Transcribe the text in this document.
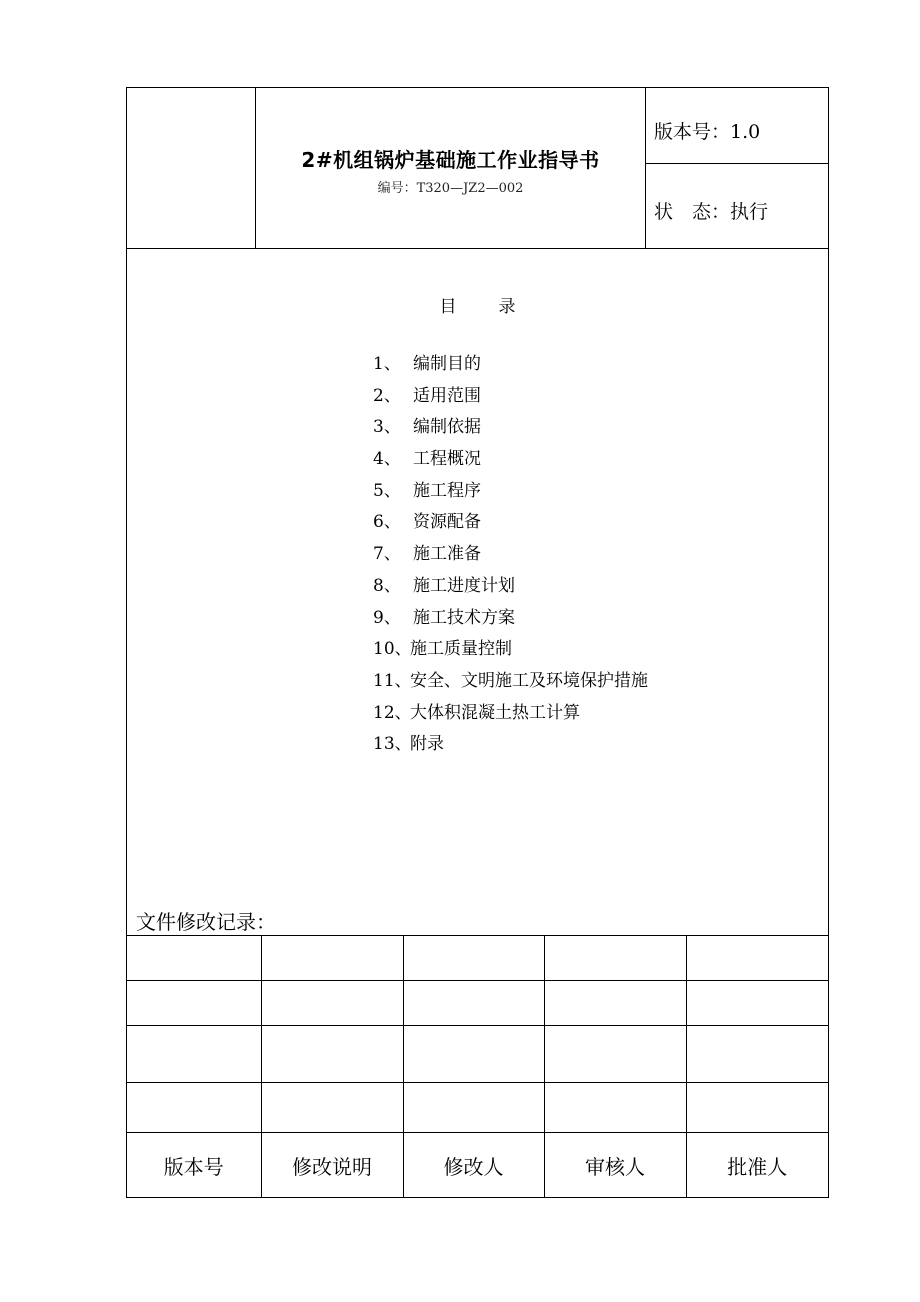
2#机组锅炉基础施工作业指导书
编号：T320—JZ2—002
版本号：1.0
状　态：执行
目 录
1、 编制目的
2、 适用范围
3、 编制依据
4、 工程概况
5、 施工程序
6、 资源配备
7、 施工准备
8、 施工进度计划
9、 施工技术方案
10、施工质量控制
11、安全、文明施工及环境保护措施
12、大体积混凝土热工计算
13、附录
文件修改记录：

版本号	修改说明	修改人	审核人	批准人
